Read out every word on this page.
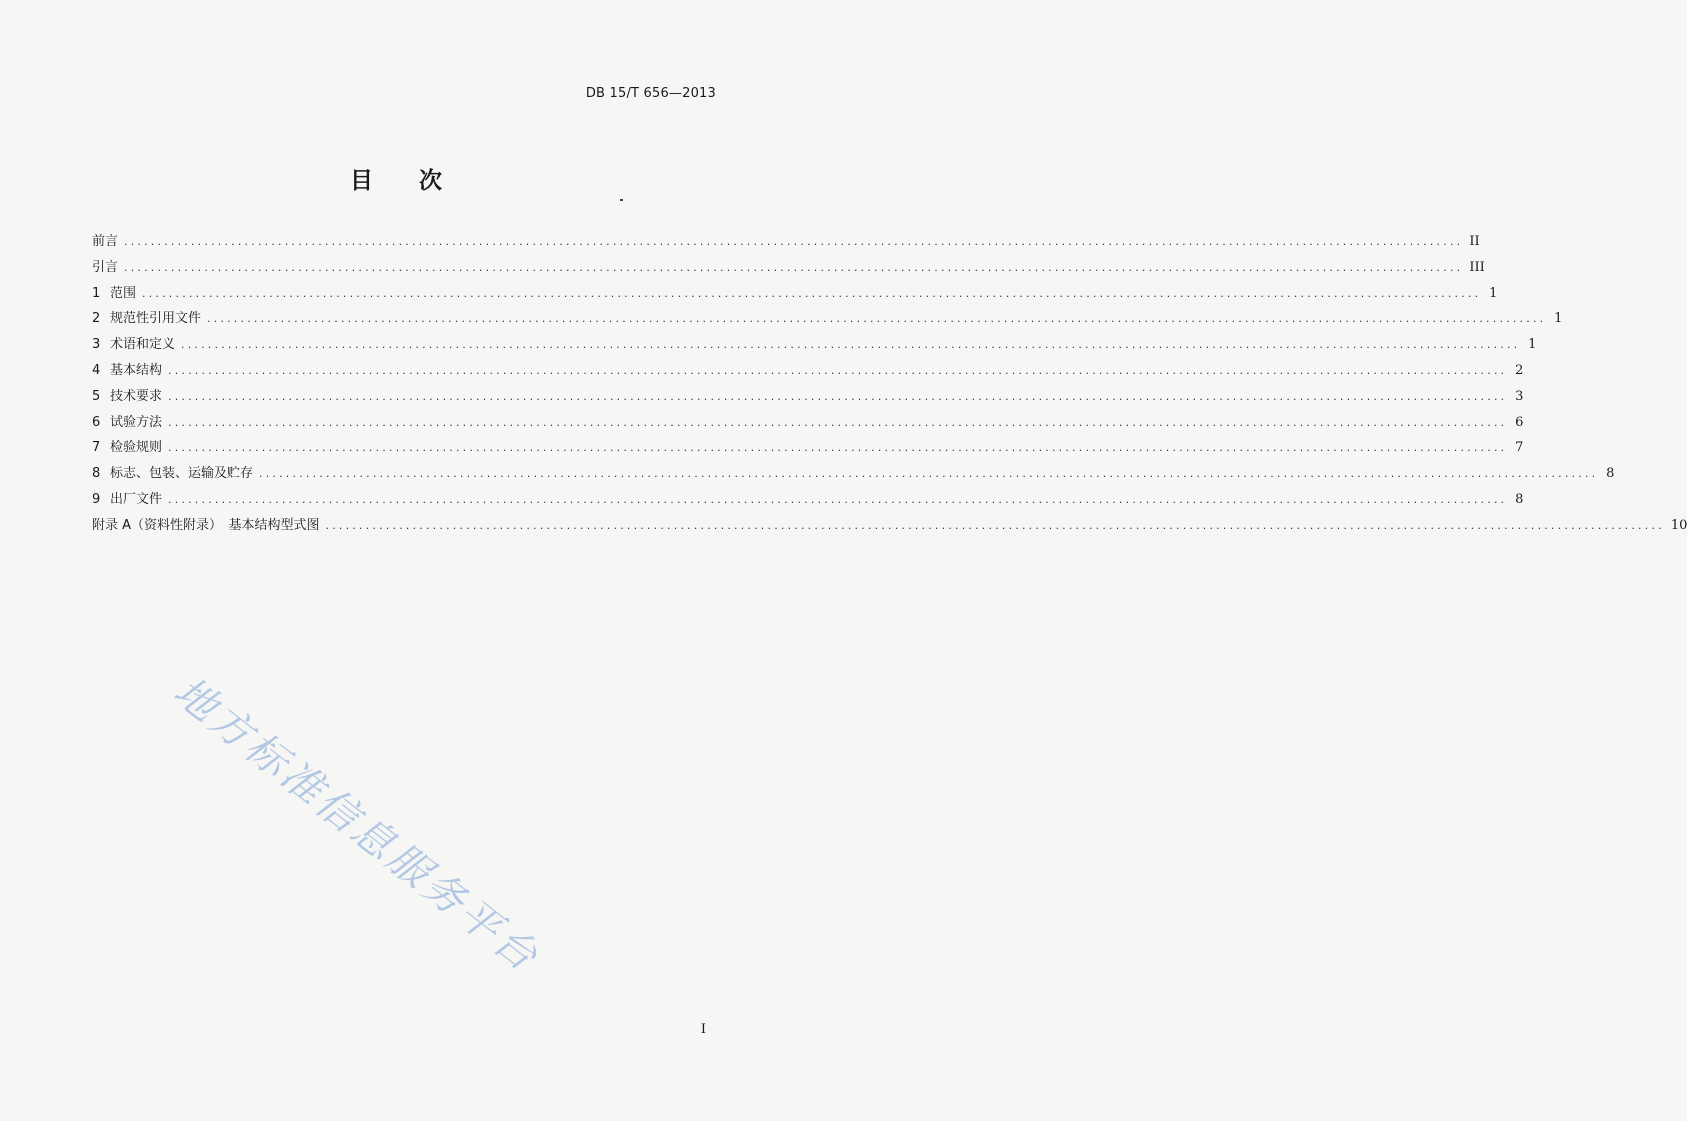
DB 15/T 656—2013
目 次
前言 ........................................................................................................................................................................................................ II
引言 ........................................................................................................................................................................................................ III
1 范围 ........................................................................................................................................................................................................ 1
2 规范性引用文件 ........................................................................................................................................................................................................ 1
3 术语和定义 ........................................................................................................................................................................................................ 1
4 基本结构 ........................................................................................................................................................................................................ 2
5 技术要求 ........................................................................................................................................................................................................ 3
6 试验方法 ........................................................................................................................................................................................................ 6
7 检验规则 ........................................................................................................................................................................................................ 7
8 标志、包装、运输及贮存 ........................................................................................................................................................................................................ 8
9 出厂文件 ........................................................................................................................................................................................................ 8
附录 A（资料性附录）　基本结构型式图 ........................................................................................................................................................................................................ 10
地方标准信息服务平台
I
